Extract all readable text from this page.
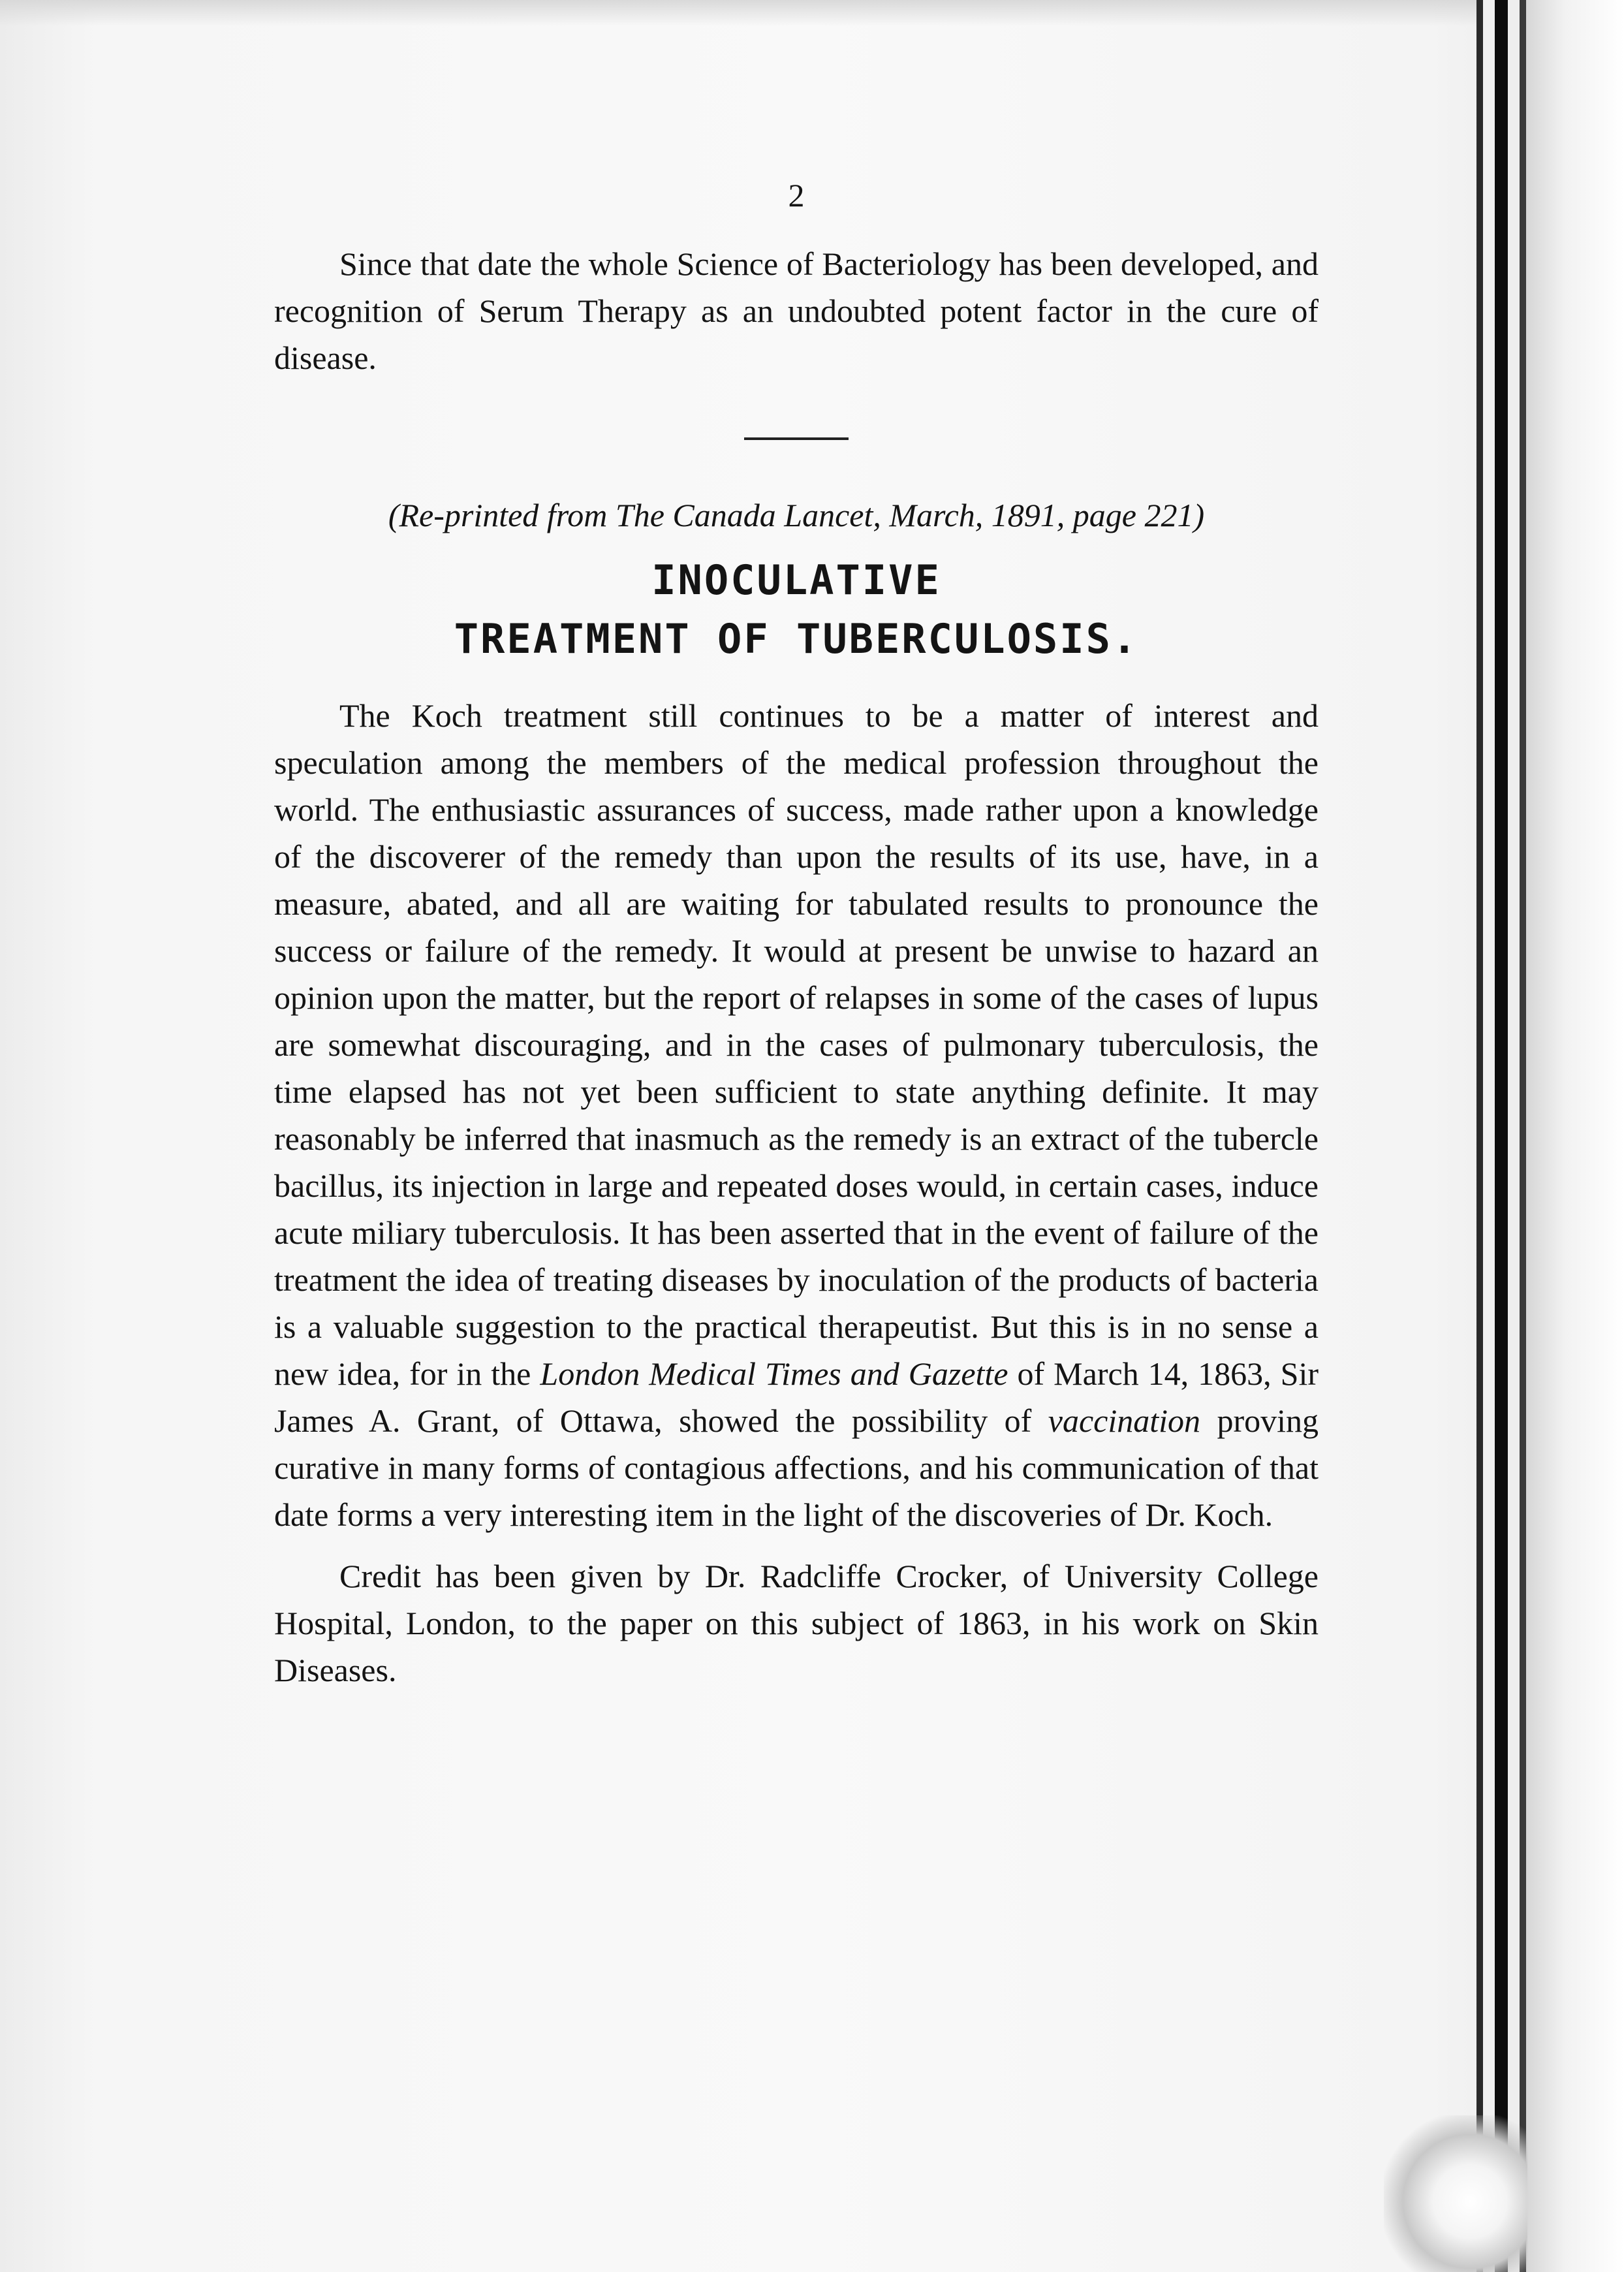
2

Since that date the whole Science of Bacteriology has been developed, and recognition of Serum Therapy as an undoubted potent factor in the cure of disease.

(Re-printed from The Canada Lancet, March, 1891, page 221)
INOCULATIVE
TREATMENT OF TUBERCULOSIS.

The Koch treatment still continues to be a matter of interest and speculation among the members of the medical profession throughout the world. The enthusiastic assurances of success, made rather upon a knowledge of the discoverer of the remedy than upon the results of its use, have, in a measure, abated, and all are waiting for tabulated results to pronounce the success or failure of the remedy. It would at present be unwise to hazard an opinion upon the matter, but the report of relapses in some of the cases of lupus are somewhat discouraging, and in the cases of pulmonary tuberculosis, the time elapsed has not yet been sufficient to state anything definite. It may reasonably be inferred that inasmuch as the remedy is an extract of the tubercle bacillus, its injection in large and repeated doses would, in certain cases, induce acute miliary tuberculosis. It has been asserted that in the event of failure of the treatment the idea of treating diseases by inoculation of the products of bacteria is a valuable suggestion to the practical therapeutist. But this is in no sense a new idea, for in the London Medical Times and Gazette of March 14, 1863, Sir James A. Grant, of Ottawa, showed the possibility of vaccination proving curative in many forms of contagious affections, and his communication of that date forms a very interesting item in the light of the discoveries of Dr. Koch.

Credit has been given by Dr. Radcliffe Crocker, of University College Hospital, London, to the paper on this subject of 1863, in his work on Skin Diseases.
